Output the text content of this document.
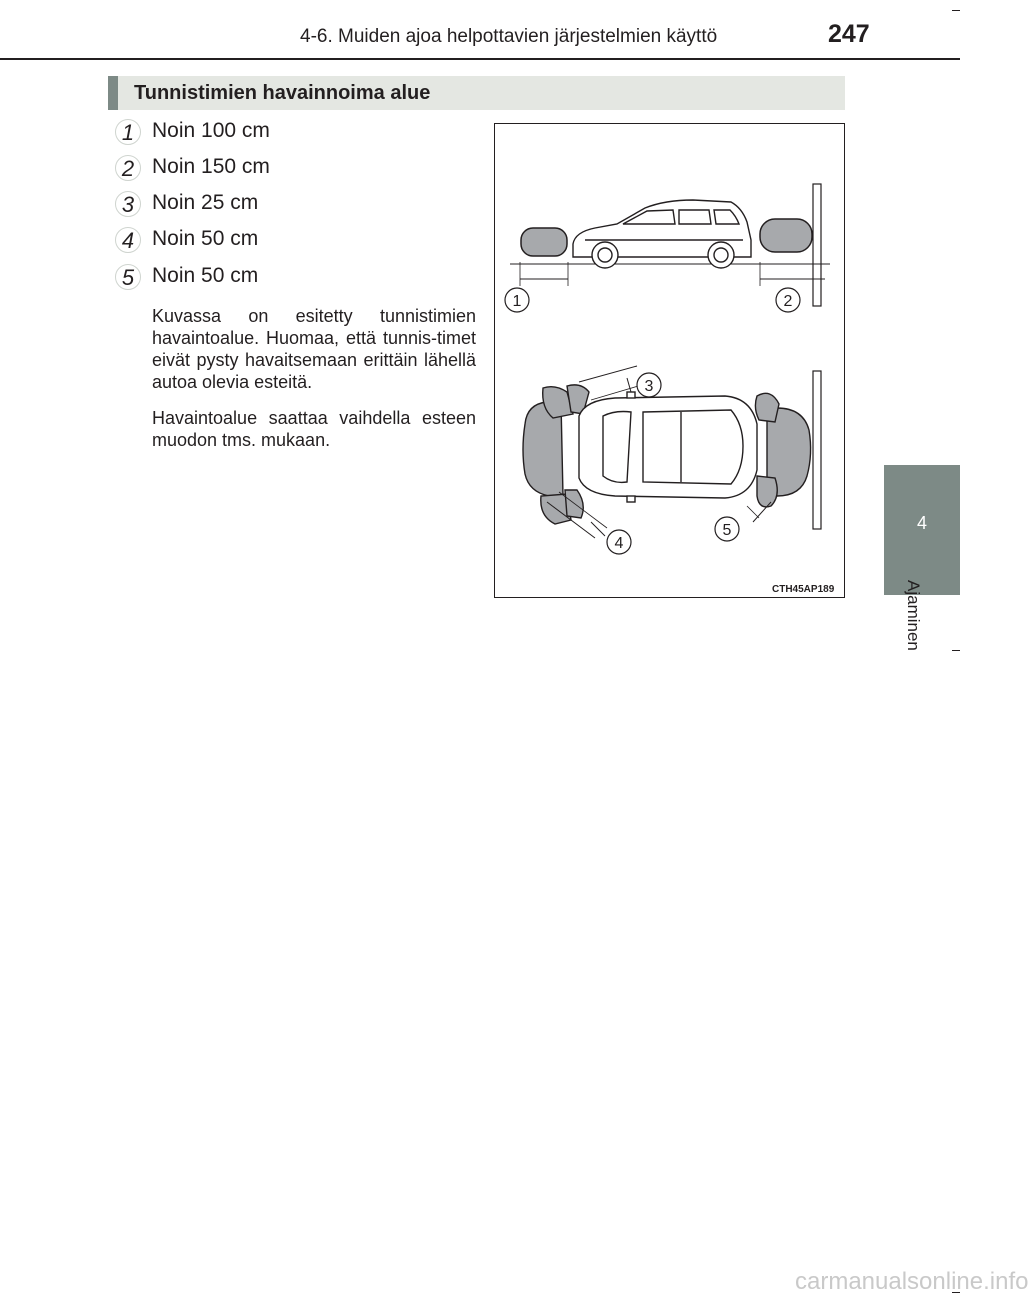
4-6. Muiden ajoa helpottavien järjestelmien käyttö	247
4
Ajaminen
Tunnistimien havainnoima alue
1 Noin 100 cm
2 Noin 150 cm
3 Noin 25 cm
4 Noin 50 cm
5 Noin 50 cm
Kuvassa on esitetty tunnistimien havaintoalue. Huomaa, että tunnis-timet eivät pysty havaitsemaan erittäin lähellä autoa olevia esteitä.
Havaintoalue saattaa vaihdella esteen muodon tms. mukaan.
1	2
3
4
5
CTH45AP189
carmanualsonline.info
